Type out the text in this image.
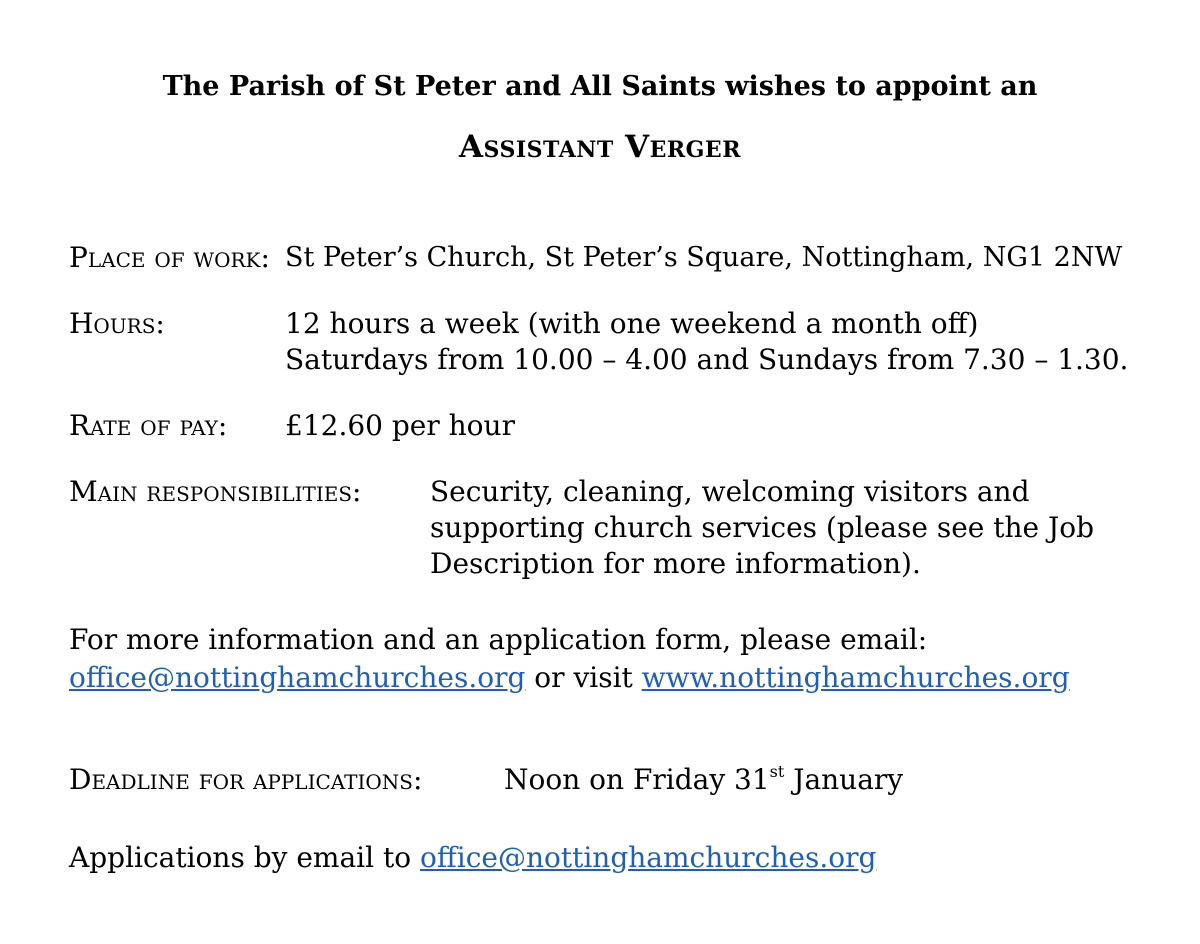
The Parish of St Peter and All Saints wishes to appoint an
Assistant Verger
Place of work: St Peter’s Church, St Peter’s Square, Nottingham, NG1 2NW
Hours:	12 hours a week (with one weekend a month off)
Saturdays from 10.00 – 4.00 and Sundays from 7.30 – 1.30.
Rate of pay: £12.60 per hour
Main responsibilities: Security, cleaning, welcoming visitors and
supporting church services (please see the Job
Description for more information).
For more information and an application form, please email:
office@nottinghamchurches.org or visit www.nottinghamchurches.org
Deadline for applications:	Noon on Friday 31st January
Applications by email to office@nottinghamchurches.org
